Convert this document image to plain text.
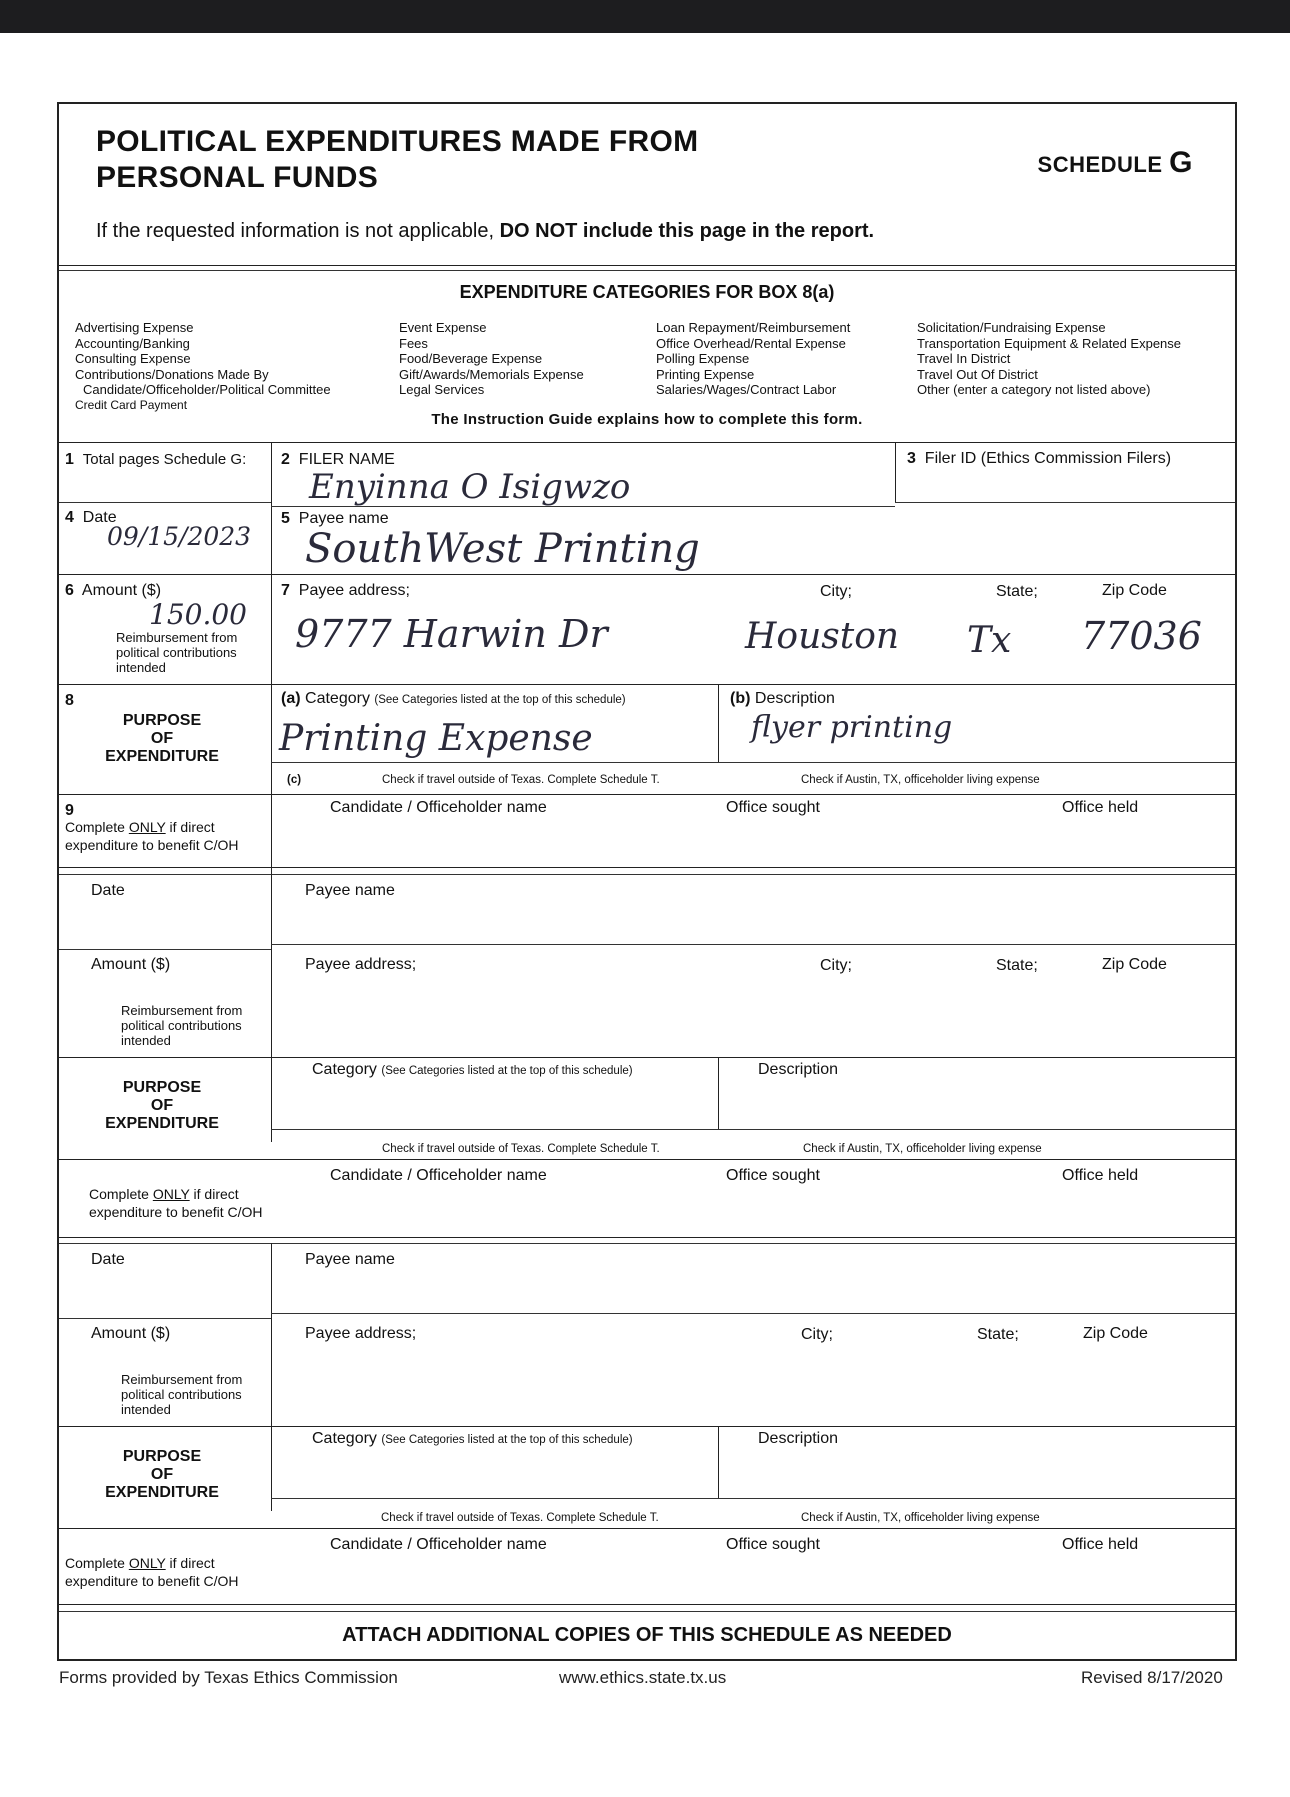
POLITICAL EXPENDITURES MADE FROM
PERSONAL FUNDS	SCHEDULE G
If the requested information is not applicable, DO NOT include this page in the report.
EXPENDITURE CATEGORIES FOR BOX 8(a)
Advertising Expense
Accounting/Banking
Consulting Expense
Contributions/Donations Made By
Candidate/Officeholder/Political Committee
Credit Card Payment
Event Expense
Fees
Food/Beverage Expense
Gift/Awards/Memorials Expense
Legal Services
Loan Repayment/Reimbursement
Office Overhead/Rental Expense
Polling Expense
Printing Expense
Salaries/Wages/Contract Labor
Solicitation/Fundraising Expense
Transportation Equipment & Related Expense
Travel In District
Travel Out Of District
Other (enter a category not listed above)
The Instruction Guide explains how to complete this form.
1 Total pages Schedule G: 2 FILER NAME	3 Filer ID (Ethics Commission Filers)
Enyinna O Isigwzo
4 Date
09/15/2023
5 Payee name
SouthWest Printing
6 Amount ($)
150.00
Reimbursement from
political contributions
intended
7 Payee address;	City;	State;	Zip Code
9777 Harwin Dr	Houston Tx 77036
8
PURPOSE
OF
EXPENDITURE
(a) Category (See Categories listed at the top of this schedule)	(b) Description
Printing Expense	flyer printing
(c)	Check if travel outside of Texas. Complete Schedule T.	Check if Austin, TX, officeholder living expense
9
Complete ONLY if direct
expenditure to benefit C/OH
Candidate / Officeholder name	Office sought	Office held
Date	Payee name
Amount ($)
Reimbursement from
political contributions
intended
Payee address;	City;	State;	Zip Code
PURPOSE
OF
EXPENDITURE
Category (See Categories listed at the top of this schedule)	Description
Check if travel outside of Texas. Complete Schedule T.	Check if Austin, TX, officeholder living expense
Candidate / Officeholder name	Office sought	Office held
Complete ONLY if direct
expenditure to benefit C/OH
Date	Payee name
Amount ($)
Reimbursement from
political contributions
intended
Payee address;	City;	State;	Zip Code
PURPOSE
OF
EXPENDITURE
Category (See Categories listed at the top of this schedule)	Description
Check if travel outside of Texas. Complete Schedule T.	Check if Austin, TX, officeholder living expense
Candidate / Officeholder name	Office sought	Office held
Complete ONLY if direct
expenditure to benefit C/OH
ATTACH ADDITIONAL COPIES OF THIS SCHEDULE AS NEEDED
Forms provided by Texas Ethics Commission	www.ethics.state.tx.us	Revised 8/17/2020
